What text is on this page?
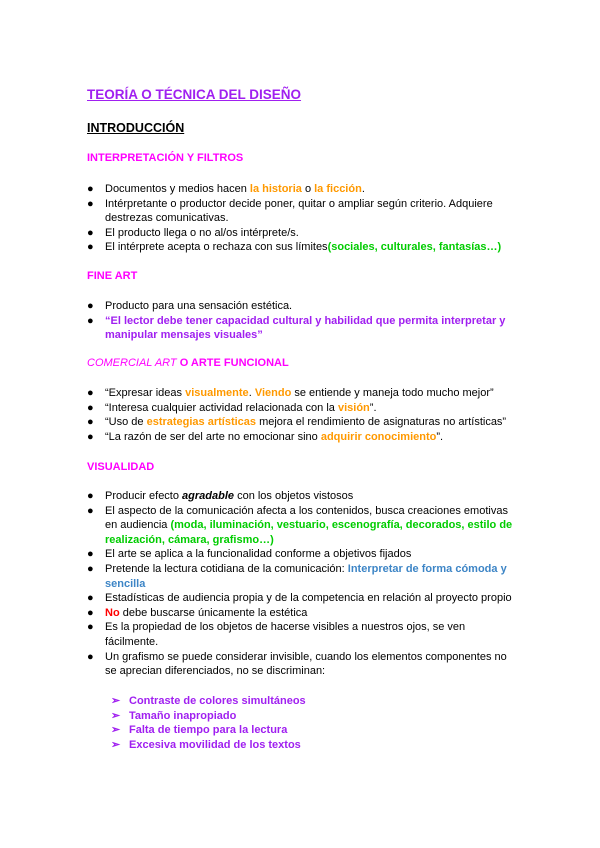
TEORÍA O TÉCNICA DEL DISEÑO
INTRODUCCIÓN
INTERPRETACIÓN Y FILTROS
● Documentos y medios hacen la historia o la ficción.
● Intérpretante o productor decide poner, quitar o ampliar según criterio. Adquiere destrezas comunicativas.
● El producto llega o no al/os intérprete/s.
● El intérprete acepta o rechaza con sus límites(sociales, culturales, fantasías…)
FINE ART
● Producto para una sensación estética.
● “El lector debe tener capacidad cultural y habilidad que permita interpretar y manipular mensajes visuales”
COMERCIAL ART O ARTE FUNCIONAL
● “Expresar ideas visualmente. Viendo se entiende y maneja todo mucho mejor”
● “Interesa cualquier actividad relacionada con la visión”.
● “Uso de estrategias artísticas mejora el rendimiento de asignaturas no artísticas”
● “La razón de ser del arte no emocionar sino adquirir conocimiento”.
VISUALIDAD
● Producir efecto agradable con los objetos vistosos
● El aspecto de la comunicación afecta a los contenidos, busca creaciones emotivas en audiencia (moda, iluminación, vestuario, escenografía, decorados, estilo de realización, cámara, grafismo…)
● El arte se aplica a la funcionalidad conforme a objetivos fijados
● Pretende la lectura cotidiana de la comunicación: Interpretar de forma cómoda y sencilla
● Estadísticas de audiencia propia y de la competencia en relación al proyecto propio
● No debe buscarse únicamente la estética
● Es la propiedad de los objetos de hacerse visibles a nuestros ojos, se ven fácilmente.
● Un grafismo se puede considerar invisible, cuando los elementos componentes no se aprecian diferenciados, no se discriminan:
➢ Contraste de colores simultáneos
➢ Tamaño inapropiado
➢ Falta de tiempo para la lectura
➢ Excesiva movilidad de los textos
